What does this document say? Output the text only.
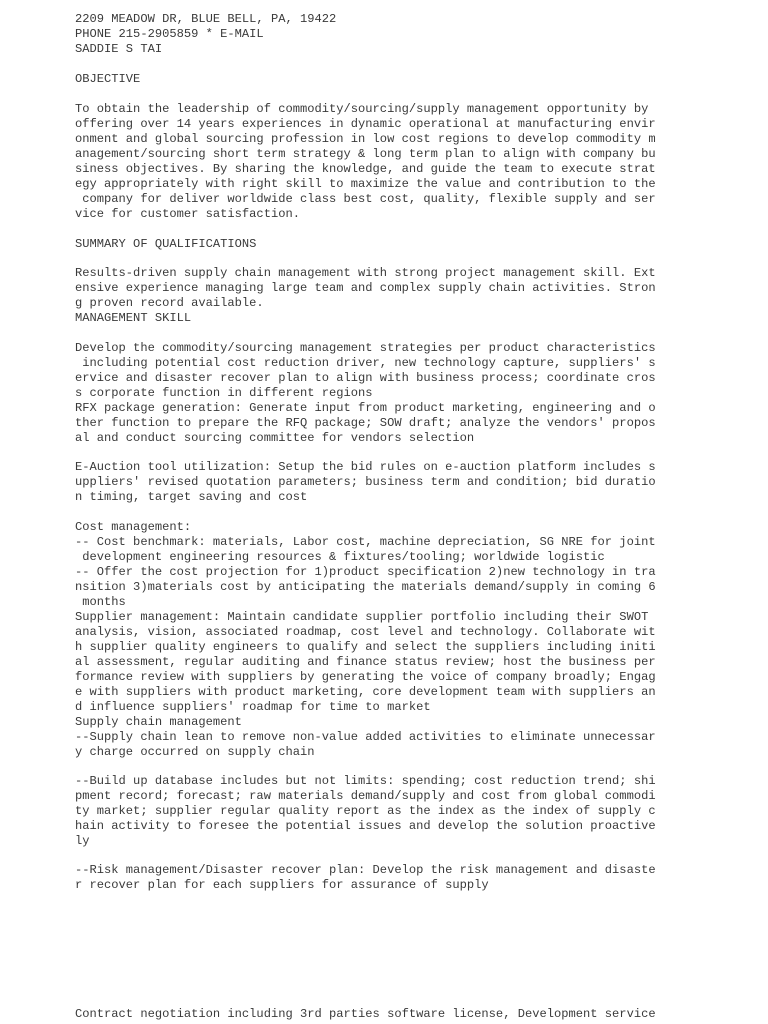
2209 MEADOW DR, BLUE BELL, PA, 19422

PHONE 215-2905859 * E-MAIL

SADDIE S TAI

OBJECTIVE

To obtain the leadership of commodity/sourcing/supply management opportunity by

offering over 14 years experiences in dynamic operational at manufacturing envir

onment and global sourcing profession in low cost regions to develop commodity m

anagement/sourcing short term strategy & long term plan to align with company bu

siness objectives. By sharing the knowledge, and guide the team to execute strat

egy appropriately with right skill to maximize the value and contribution to the

company for deliver worldwide class best cost, quality, flexible supply and ser

vice for customer satisfaction.

SUMMARY OF QUALIFICATIONS

Results-driven supply chain management with strong project management skill. Ext

ensive experience managing large team and complex supply chain activities. Stron

g proven record available.

MANAGEMENT SKILL

Develop the commodity/sourcing management strategies per product characteristics

including potential cost reduction driver, new technology capture, suppliers' s

ervice and disaster recover plan to align with business process; coordinate cros

s corporate function in different regions

RFX package generation: Generate input from product marketing, engineering and o

ther function to prepare the RFQ package; SOW draft; analyze the vendors' propos

al and conduct sourcing committee for vendors selection

E-Auction tool utilization: Setup the bid rules on e-auction platform includes s

uppliers' revised quotation parameters; business term and condition; bid duratio

n timing, target saving and cost

Cost management:

-- Cost benchmark: materials, Labor cost, machine depreciation, SG NRE for joint

development engineering resources & fixtures/tooling; worldwide logistic

-- Offer the cost projection for 1)product specification 2)new technology in tra

nsition 3)materials cost by anticipating the materials demand/supply in coming 6

months

Supplier management: Maintain candidate supplier portfolio including their SWOT

analysis, vision, associated roadmap, cost level and technology. Collaborate wit

h supplier quality engineers to qualify and select the suppliers including initi

al assessment, regular auditing and finance status review; host the business per

formance review with suppliers by generating the voice of company broadly; Engag

e with suppliers with product marketing, core development team with suppliers an

d influence suppliers' roadmap for time to market

Supply chain management

--Supply chain lean to remove non-value added activities to eliminate unnecessar

y charge occurred on supply chain

--Build up database includes but not limits: spending; cost reduction trend; shi

pment record; forecast; raw materials demand/supply and cost from global commodi

ty market; supplier regular quality report as the index as the index of supply c

hain activity to foresee the potential issues and develop the solution proactive

ly

--Risk management/Disaster recover plan: Develop the risk management and disaste

r recover plan for each suppliers for assurance of supply

Contract negotiation including 3rd parties software license, Development service
